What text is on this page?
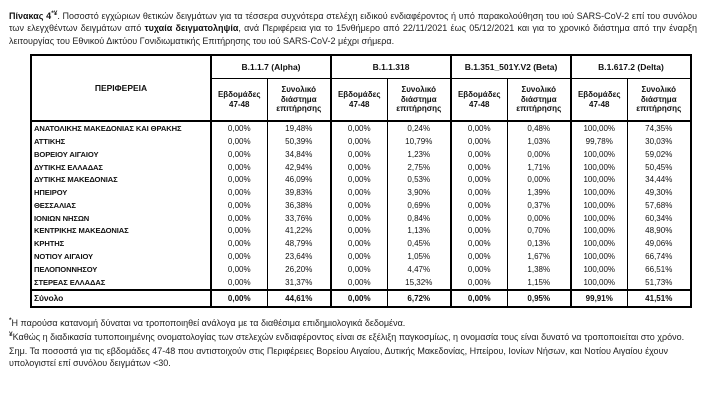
Πίνακας 4*¥. Ποσοστό εγχώριων θετικών δειγμάτων για τα τέσσερα συχνότερα στελέχη ειδικού ενδιαφέροντος ή υπό παρακολούθηση του ιού SARS-CoV-2 επί του συνόλου των ελεγχθέντων δειγμάτων από τυχαία δειγματοληψία, ανά Περιφέρεια για το 15νθήμερο από 22/11/2021 έως 05/12/2021 και για το χρονικό διάστημα από την έναρξη λειτουργίας του Εθνικού Δικτύου Γονιδιωματικής Επιτήρησης του ιού SARS-CoV-2 μέχρι σήμερα.
ΠΕΡΙΦΕΡΕΙΑ	B.1.1.7 (Alpha)		B.1.1.318		B.1.351_501Y.V2 (Beta)		B.1.617.2 (Delta)	
	Εβδομάδες 47-48	Συνολικό διάστημα επιτήρησης	Εβδομάδες 47-48	Συνολικό διάστημα επιτήρησης	Εβδομάδες 47-48	Συνολικό διάστημα επιτήρησης	Εβδομάδες 47-48	Συνολικό διάστημα επιτήρησης
ΑΝΑΤΟΛΙΚΗΣ ΜΑΚΕΔΟΝΙΑΣ ΚΑΙ ΘΡΑΚΗΣ	0,00%	19,48%	0,00%	0,24%	0,00%	0,48%	100,00%	74,35%
ΑΤΤΙΚΗΣ	0,00%	50,39%	0,00%	10,79%	0,00%	1,03%	99,78%	30,03%
ΒΟΡΕΙΟΥ ΑΙΓΑΙΟΥ	0,00%	34,84%	0,00%	1,23%	0,00%	0,00%	100,00%	59,02%
ΔΥΤΙΚΗΣ ΕΛΛΑΔΑΣ	0,00%	42,94%	0,00%	2,75%	0,00%	1,71%	100,00%	50,45%
ΔΥΤΙΚΗΣ ΜΑΚΕΔΟΝΙΑΣ	0,00%	46,09%	0,00%	0,53%	0,00%	0,00%	100,00%	34,44%
ΗΠΕΙΡΟΥ	0,00%	39,83%	0,00%	3,90%	0,00%	1,39%	100,00%	49,30%
ΘΕΣΣΑΛΙΑΣ	0,00%	36,38%	0,00%	0,69%	0,00%	0,37%	100,00%	57,68%
ΙΟΝΙΩΝ ΝΗΣΩΝ	0,00%	33,76%	0,00%	0,84%	0,00%	0,00%	100,00%	60,34%
ΚΕΝΤΡΙΚΗΣ ΜΑΚΕΔΟΝΙΑΣ	0,00%	41,22%	0,00%	1,13%	0,00%	0,70%	100,00%	48,90%
ΚΡΗΤΗΣ	0,00%	48,79%	0,00%	0,45%	0,00%	0,13%	100,00%	49,06%
ΝΟΤΙΟΥ ΑΙΓΑΙΟΥ	0,00%	23,64%	0,00%	1,05%	0,00%	1,67%	100,00%	66,74%
ΠΕΛΟΠΟΝΝΗΣΟΥ	0,00%	26,20%	0,00%	4,47%	0,00%	1,38%	100,00%	66,51%
ΣΤΕΡΕΑΣ ΕΛΛΑΔΑΣ	0,00%	31,37%	0,00%	15,32%	0,00%	1,15%	100,00%	51,73%
Σύνολο	0,00%	44,61%	0,00%	6,72%	0,00%	0,95%	99,91%	41,51%
*Η παρούσα κατανομή δύναται να τροποποιηθεί ανάλογα με τα διαθέσιμα επιδημιολογικά δεδομένα.
¥Καθώς η διαδικασία τυποποιημένης ονοματολογίας των στελεχών ενδιαφέροντος είναι σε εξέλιξη παγκοσμίως, η ονομασία τους είναι δυνατό να τροποποιείται στο χρόνο.
Σημ. Τα ποσοστά για τις εβδομάδες 47-48 που αντιστοιχούν στις Περιφέρειες Βορείου Αιγαίου, Δυτικής Μακεδονίας, Ηπείρου, Ιονίων Νήσων, και Νοτίου Αιγαίου έχουν υπολογιστεί επί συνόλου δειγμάτων <30.
